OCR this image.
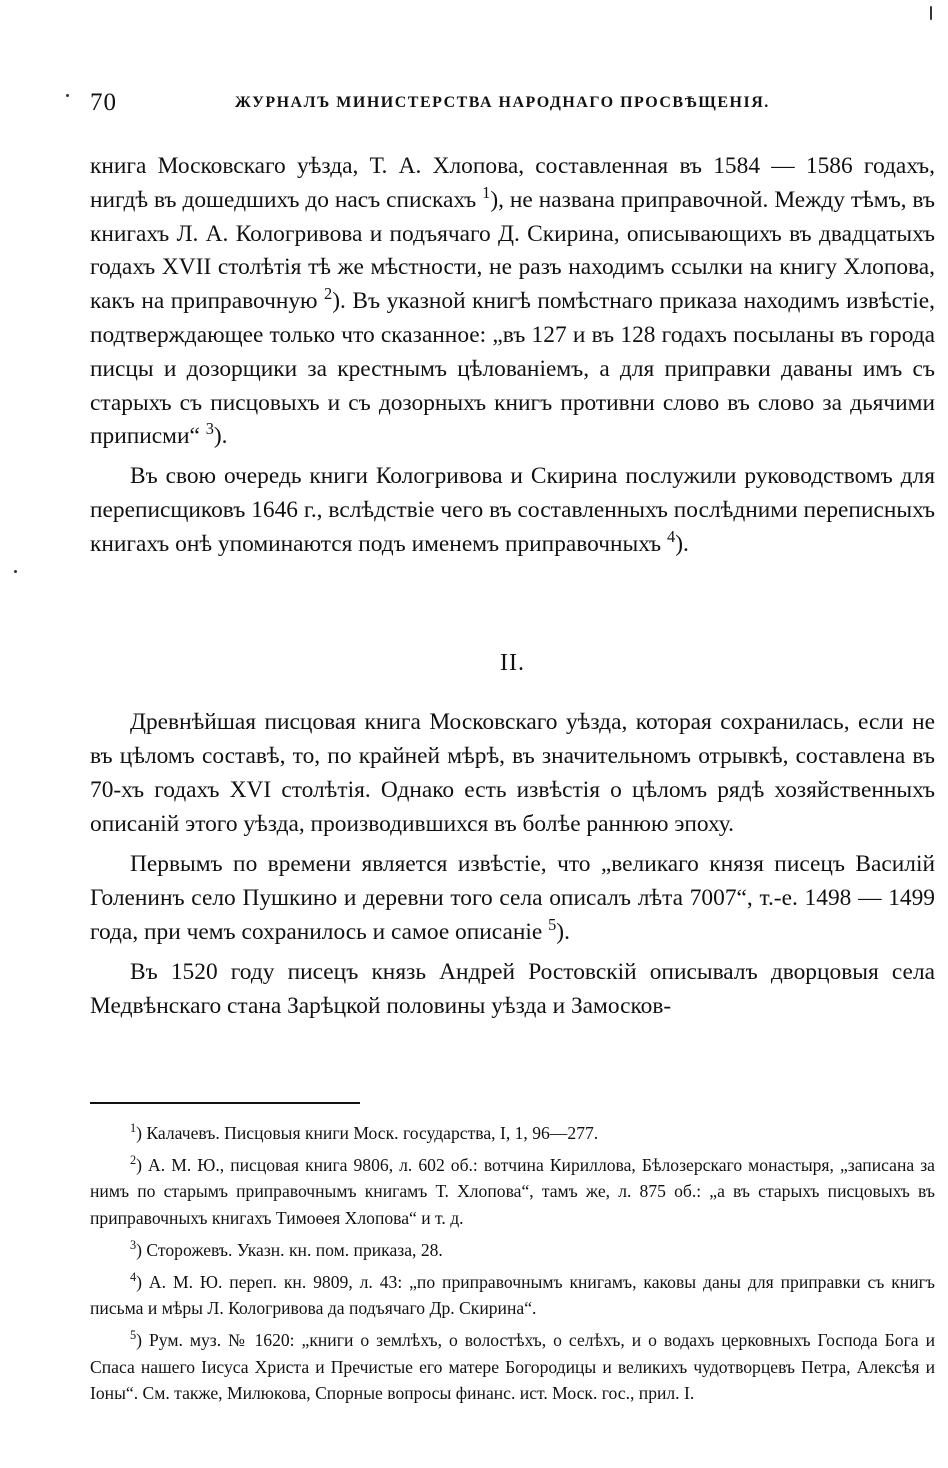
70	ЖУРНАЛЪ МИНИСТЕРСТВА НАРОДНАГО ПРОСВѢЩЕНІЯ.

книга Московскаго уѣзда, Т. А. Хлопова, составленная въ 1584 — 1586 годахъ, нигдѣ въ дошедшихъ до насъ спискахъ $^1$), не названа приправочной. Между тѣмъ, въ книгахъ Л. А. Кологривова и подъячаго Д. Скирина, описывающихъ въ двадцатыхъ годахъ XVII столѣтія тѣ же мѣстности, не разъ находимъ ссылки на книгу Хлопова, какъ на приправочную $^2$). Въ указной книгѣ помѣстнаго приказа находимъ извѣстіе, подтверждающее только что сказанное: „въ 127 и въ 128 годахъ посыланы въ города писцы и дозорщики за крестнымъ цѣлованіемъ, а для приправки даваны имъ съ старыхъ съ писцовыхъ и съ дозорныхъ книгъ противни слово въ слово за дьячими приписми“ $^3$).

Въ свою очередь книги Кологривова и Скирина послужили руководствомъ для переписщиковъ 1646 г., вслѣдствіе чего въ составленныхъ послѣдними переписныхъ книгахъ онѣ упоминаются подъ именемъ приправочныхъ $^4$).

II.

Древнѣйшая писцовая книга Московскаго уѣзда, которая сохранилась, если не въ цѣломъ составѣ, то, по крайней мѣрѣ, въ значительномъ отрывкѣ, составлена въ 70-хъ годахъ XVI столѣтія. Однако есть извѣстія о цѣломъ рядѣ хозяйственныхъ описаній этого уѣзда, производившихся въ болѣе раннюю эпоху.

Первымъ по времени является извѣстіе, что „великаго князя писецъ Василій Голенинъ село Пушкино и деревни того села описалъ лѣта 7007“, т.-е. 1498 — 1499 года, при чемъ сохранилось и самое описаніе $^5$).

Въ 1520 году писецъ князь Андрей Ростовскій описывалъ дворцовыя села Медвѣнскаго стана Зарѣцкой половины уѣзда и Замосков-

$^1$) Калачевъ. Писцовыя книги Моск. государства, I, 1, 96—277.

$^2$) А. М. Ю., писцовая книга 9806, л. 602 об.: вотчина Кириллова, Бѣлозерскаго монастыря, „записана за нимъ по старымъ приправочнымъ книгамъ Т. Хлопова“, тамъ же, л. 875 об.: „а въ старыхъ писцовыхъ въ приправочныхъ книгахъ Тимоѳея Хлопова“ и т. д.

$^3$) Сторожевъ. Указн. кн. пом. приказа, 28.

$^4$) А. М. Ю. переп. кн. 9809, л. 43: „по приправочнымъ книгамъ, каковы даны для приправки съ книгъ письма и мѣры Л. Кологривова да подъячаго Др. Скирина“.

$^5$) Рум. муз. № 1620: „книги о землѣхъ, о волостѣхъ, о селѣхъ, и о водахъ церковныхъ Господа Бога и Спаса нашего Іисуса Христа и Пречистые его матере Богородицы и великихъ чудотворцевъ Петра, Алексѣя и Іоны“. См. также, Милюкова, Спорные вопросы финанс. ист. Моск. гос., прил. I.
